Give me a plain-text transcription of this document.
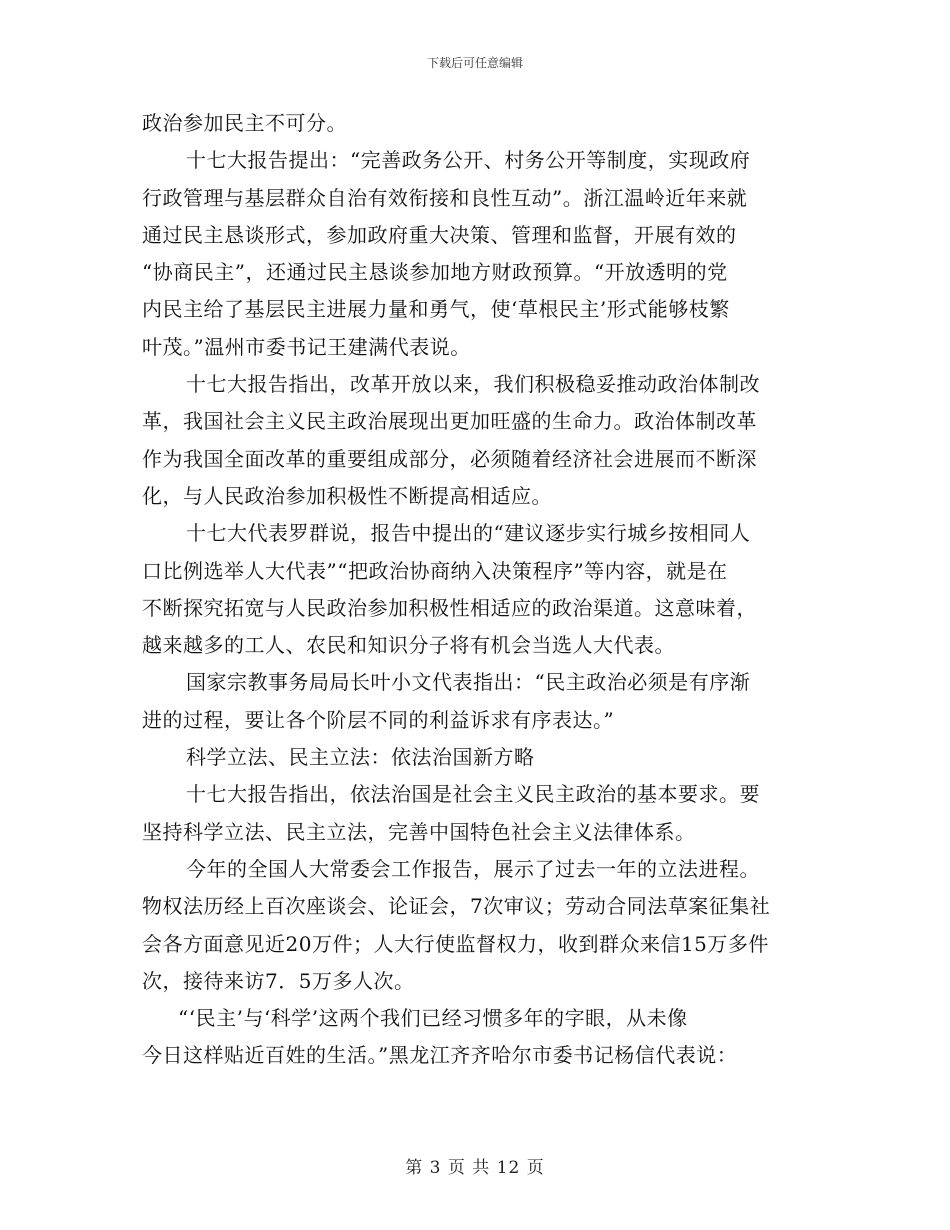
下载后可任意编辑
政治参加民主不可分。
十七大报告提出：“完善政务公开、村务公开等制度，实现政府
行政管理与基层群众自治有效衔接和良性互动”。浙江温岭近年来就
通过民主恳谈形式，参加政府重大决策、管理和监督，开展有效的
“协商民主”，还通过民主恳谈参加地方财政预算。“开放透明的党
内民主给了基层民主进展力量和勇气，使‘草根民主’形式能够枝繁
叶茂。”温州市委书记王建满代表说。
十七大报告指出，改革开放以来，我们积极稳妥推动政治体制改
革，我国社会主义民主政治展现出更加旺盛的生命力。政治体制改革
作为我国全面改革的重要组成部分，必须随着经济社会进展而不断深
化，与人民政治参加积极性不断提高相适应。
十七大代表罗群说，报告中提出的“建议逐步实行城乡按相同人
口比例选举人大代表”“把政治协商纳入决策程序”等内容，就是在
不断探究拓宽与人民政治参加积极性相适应的政治渠道。这意味着，
越来越多的工人、农民和知识分子将有机会当选人大代表。
国家宗教事务局局长叶小文代表指出：“民主政治必须是有序渐
进的过程，要让各个阶层不同的利益诉求有序表达。”
科学立法、民主立法：依法治国新方略
十七大报告指出，依法治国是社会主义民主政治的基本要求。要
坚持科学立法、民主立法，完善中国特色社会主义法律体系。
今年的全国人大常委会工作报告，展示了过去一年的立法进程。
物权法历经上百次座谈会、论证会，7次审议；劳动合同法草案征集社
会各方面意见近20万件；人大行使监督权力，收到群众来信15万多件
次，接待来访7．5万多人次。
“‘民主’与‘科学’这两个我们已经习惯多年的字眼，从未像
今日这样贴近百姓的生活。”黑龙江齐齐哈尔市委书记杨信代表说：
第 3 页 共 12 页
